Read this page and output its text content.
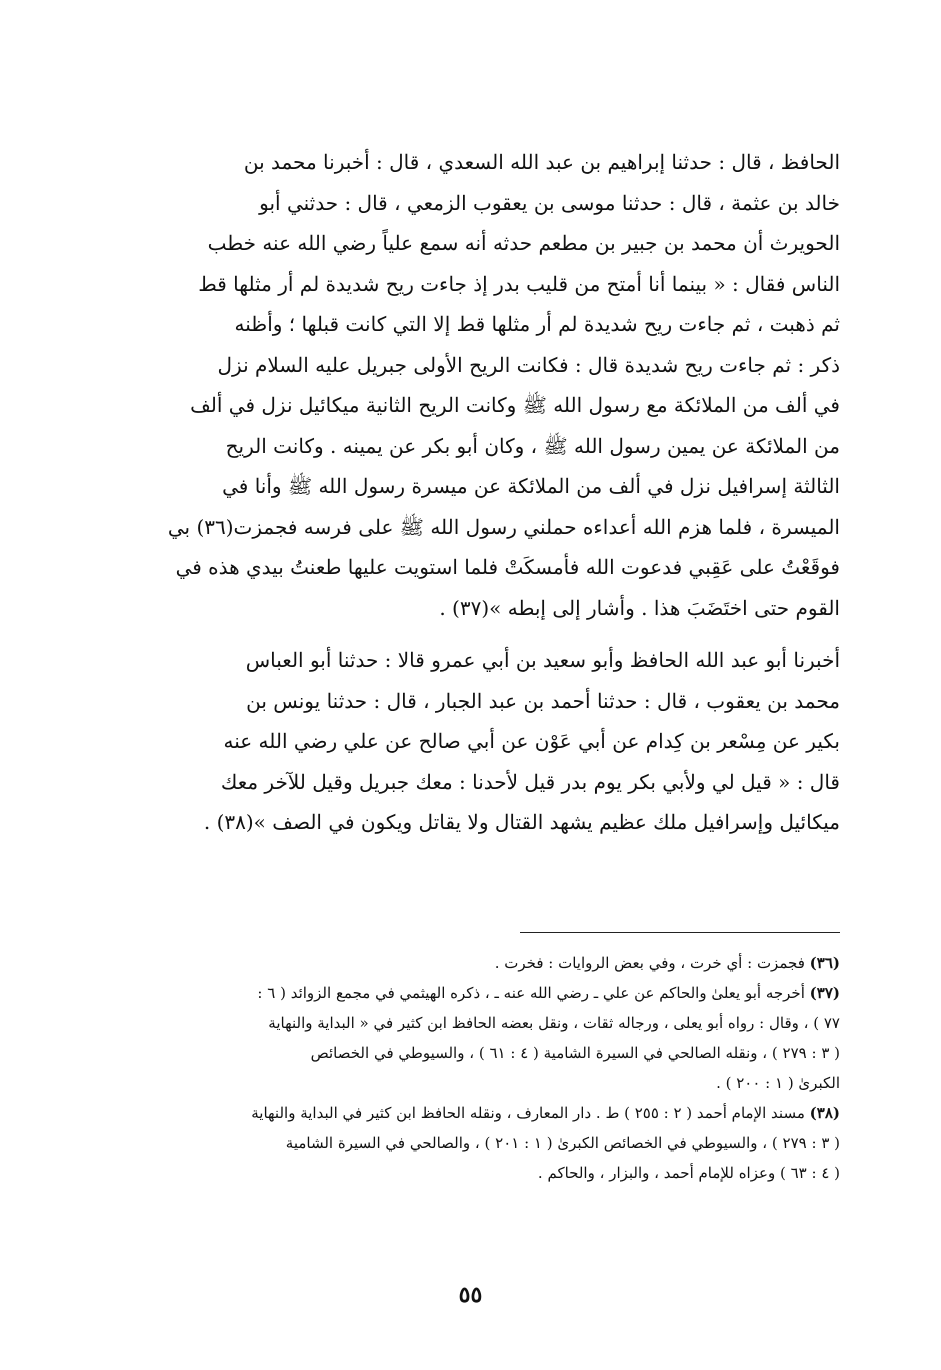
الحافظ ، قال : حدثنا إبراهيم بن عبد الله السعدي ، قال : أخبرنا محمد بن

خالد بن عثمة ، قال : حدثنا موسى بن يعقوب الزمعي ، قال : حدثني أبو

الحويرث أن محمد بن جبير بن مطعم حدثه أنه سمع علياً رضي الله عنه خطب

الناس فقال : « بينما أنا أمتح من قليب بدر إذ جاءت ريح شديدة لم أر مثلها قط

ثم ذهبت ، ثم جاءت ريح شديدة لم أر مثلها قط إلا التي كانت قبلها ؛ وأظنه

ذكر : ثم جاءت ريح شديدة قال : فكانت الريح الأولى جبريل عليه السلام نزل

في ألف من الملائكة مع رسول الله ﷺ وكانت الريح الثانية ميكائيل نزل في ألف

من الملائكة عن يمين رسول الله ﷺ ، وكان أبو بكر عن يمينه . وكانت الريح

الثالثة إسرافيل نزل في ألف من الملائكة عن ميسرة رسول الله ﷺ وأنا في

الميسرة ، فلما هزم الله أعداءه حملني رسول الله ﷺ على فرسه فجمزت(٣٦) بي

فوقَعْتُ على عَقِبي فدعوت الله فأمسكَتْ فلما استويت عليها طعنتُ بيدي هذه في

القوم حتى اختَضَبَ هذا . وأشار إلى إبطه »(٣٧) .

أخبرنا أبو عبد الله الحافظ وأبو سعيد بن أبي عمرو قالا : حدثنا أبو العباس

محمد بن يعقوب ، قال : حدثنا أحمد بن عبد الجبار ، قال : حدثنا يونس بن

بكير عن مِسْعر بن كِدام عن أبي عَوْن عن أبي صالح عن علي رضي الله عنه

قال : « قيل لي ولأبي بكر يوم بدر قيل لأحدنا : معك جبريل وقيل للآخر معك

ميكائيل وإسرافيل ملك عظيم يشهد القتال ولا يقاتل ويكون في الصف »(٣٨) .

(٣٦) فجمزت : أي خرت ، وفي بعض الروايات : فخرت .

(٣٧) أخرجه أبو يعلىٰ والحاكم عن علي ـ رضي الله عنه ـ ، ذكره الهيثمي في مجمع الزوائد ( ٦ :

٧٧ ) ، وقال : رواه أبو يعلى ، ورجاله ثقات ، ونقل بعضه الحافظ ابن كثير في « البداية والنهاية

( ٣ : ٢٧٩ ) ، ونقله الصالحي في السيرة الشامية ( ٤ : ٦١ ) ، والسيوطي في الخصائص

الكبرىٰ ( ١ : ٢٠٠ ) .

(٣٨) مسند الإمام أحمد ( ٢ : ٢٥٥ ) ط . دار المعارف ، ونقله الحافظ ابن كثير في البداية والنهاية

( ٣ : ٢٧٩ ) ، والسيوطي في الخصائص الكبرىٰ ( ١ : ٢٠١ ) ، والصالحي في السيرة الشامية

( ٤ : ٦٣ ) وعزاه للإمام أحمد ، والبزار ، والحاكم .

٥٥
